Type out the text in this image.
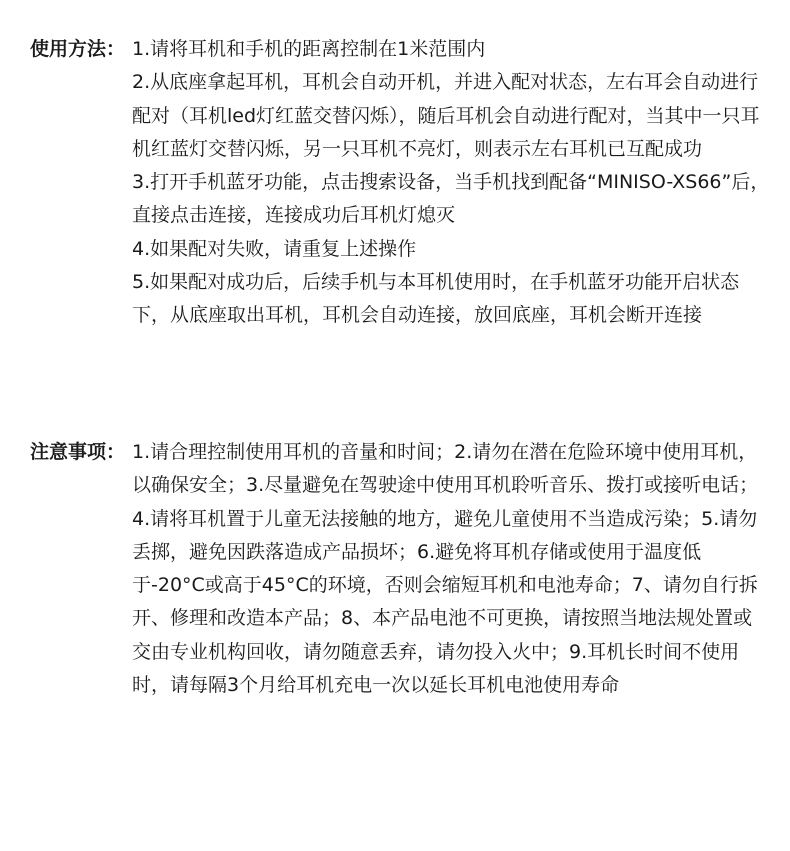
使用方法： 1.请将耳机和手机的距离控制在1米范围内

2.从底座拿起耳机，耳机会自动开机，并进入配对状态，左右耳会自动进行配对（耳机led灯红蓝交替闪烁），随后耳机会自动进行配对，当其中一只耳机红蓝灯交替闪烁，另一只耳机不亮灯，则表示左右耳机已互配成功

3.打开手机蓝牙功能，点击搜索设备，当手机找到配备“MINISO-XS66”后，直接点击连接，连接成功后耳机灯熄灭

4.如果配对失败，请重复上述操作

5.如果配对成功后，后续手机与本耳机使用时，在手机蓝牙功能开启状态下，从底座取出耳机，耳机会自动连接，放回底座，耳机会断开连接

注意事项： 1.请合理控制使用耳机的音量和时间；2.请勿在潜在危险环境中使用耳机，以确保安全；3.尽量避免在驾驶途中使用耳机聆听音乐、拨打或接听电话；4.请将耳机置于儿童无法接触的地方，避免儿童使用不当造成污染；5.请勿丢掷，避免因跌落造成产品损坏；6.避免将耳机存储或使用于温度低于-20°C或高于45°C的环境，否则会缩短耳机和电池寿命；7、请勿自行拆开、修理和改造本产品；8、本产品电池不可更换，请按照当地法规处置或交由专业机构回收，请勿随意丢弃，请勿投入火中；9.耳机长时间不使用时，请每隔3个月给耳机充电一次以延长耳机电池使用寿命
